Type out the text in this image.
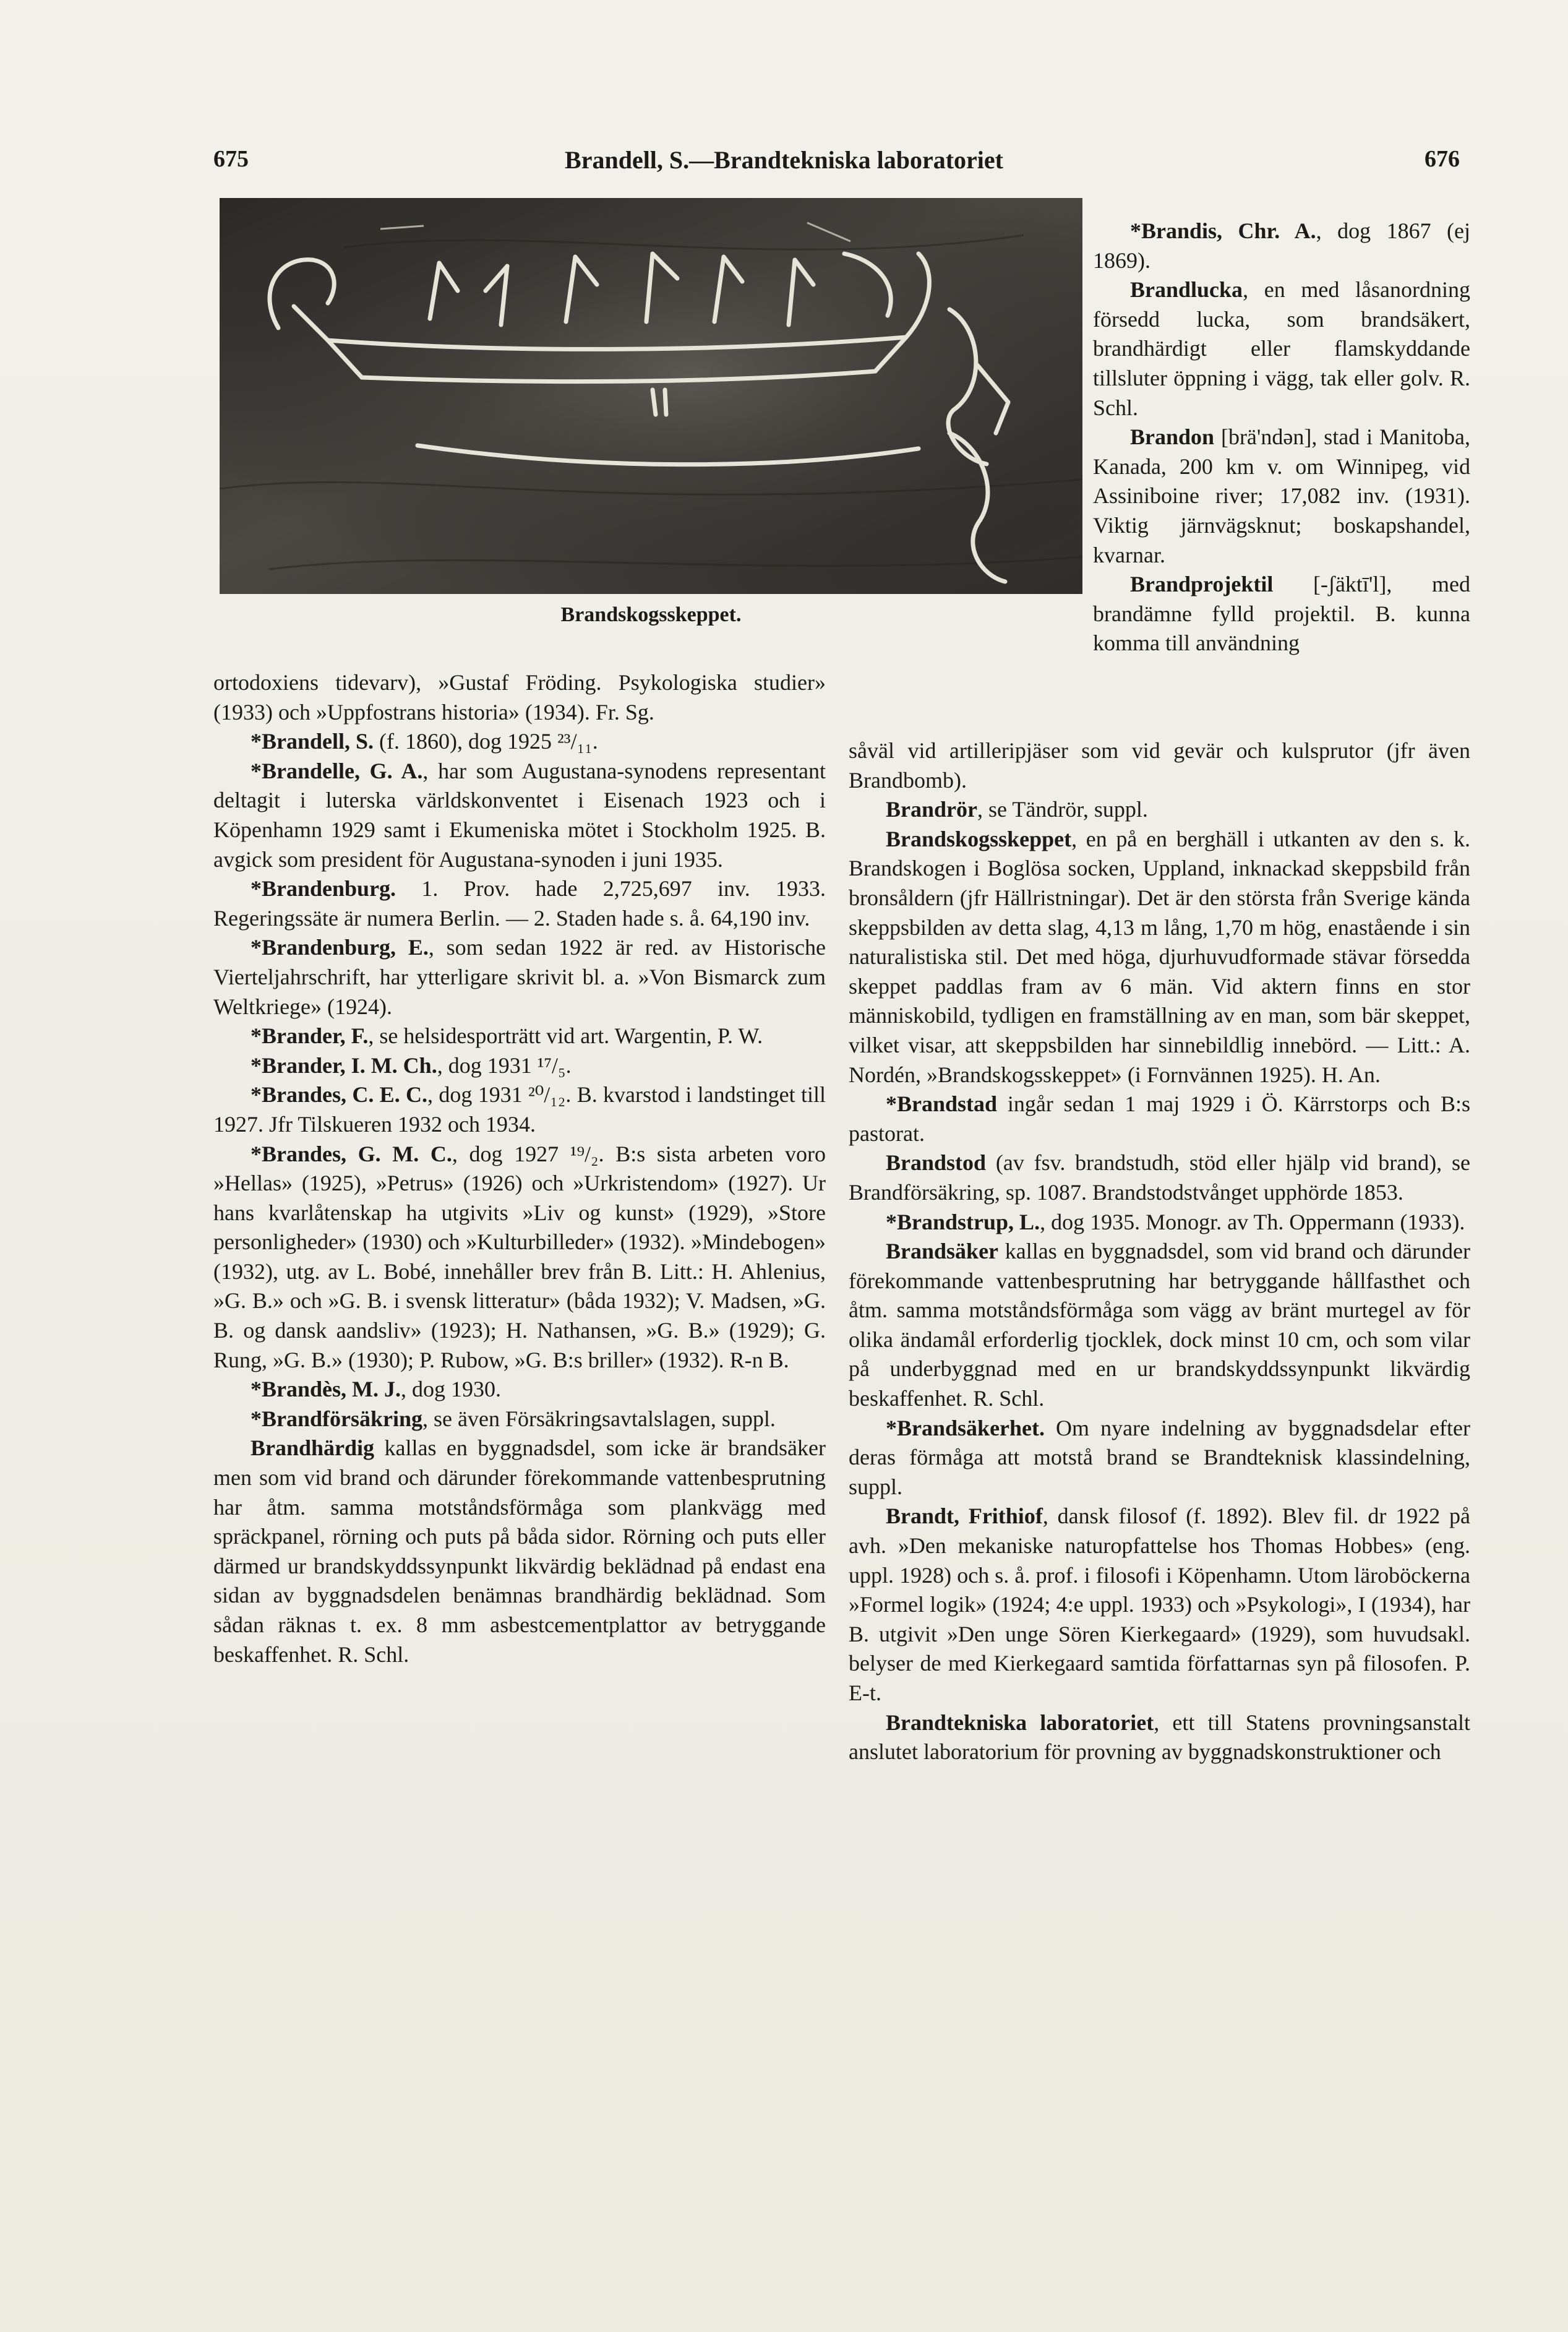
675	Brandell, S.—Brandtekniska laboratoriet	676
Brandskogsskeppet.

*Brandis, Chr. A., dog 1867 (ej 1869).

Brandlucka, en med låsanordning försedd lucka, som brandsäkert, brandhärdigt eller flamskyddande tillsluter öppning i vägg, tak eller golv. R. Schl.

Brandon [brä'ndən], stad i Manitoba, Kanada, 200 km v. om Winnipeg, vid Assiniboine river; 17,082 inv. (1931). Viktig järnvägsknut; boskapshandel, kvarnar.

Brandprojektil [-ʃäktī'l], med brandämne fylld projektil. B. kunna komma till användning

ortodoxiens tidevarv), »Gustaf Fröding. Psykologiska studier» (1933) och »Uppfostrans historia» (1934). Fr. Sg.

*Brandell, S. (f. 1860), dog 1925 ²³/₁₁.

*Brandelle, G. A., har som Augustana-synodens representant deltagit i luterska världskonventet i Eisenach 1923 och i Köpenhamn 1929 samt i Ekumeniska mötet i Stockholm 1925. B. avgick som president för Augustana-synoden i juni 1935.

*Brandenburg. 1. Prov. hade 2,725,697 inv. 1933. Regeringssäte är numera Berlin. — 2. Staden hade s. å. 64,190 inv.

*Brandenburg, E., som sedan 1922 är red. av Historische Vierteljahrschrift, har ytterligare skrivit bl. a. »Von Bismarck zum Weltkriege» (1924).

*Brander, F., se helsidesporträtt vid art. Wargentin, P. W.

*Brander, I. M. Ch., dog 1931 ¹⁷/₅.

*Brandes, C. E. C., dog 1931 ²⁰/₁₂. B. kvarstod i landstinget till 1927. Jfr Tilskueren 1932 och 1934.

*Brandes, G. M. C., dog 1927 ¹⁹/₂. B:s sista arbeten voro »Hellas» (1925), »Petrus» (1926) och »Urkristendom» (1927). Ur hans kvarlåtenskap ha utgivits »Liv og kunst» (1929), »Store personligheder» (1930) och »Kulturbilleder» (1932). »Mindebogen» (1932), utg. av L. Bobé, innehåller brev från B. Litt.: H. Ahlenius, »G. B.» och »G. B. i svensk litteratur» (båda 1932); V. Madsen, »G. B. og dansk aandsliv» (1923); H. Nathansen, »G. B.» (1929); G. Rung, »G. B.» (1930); P. Rubow, »G. B:s briller» (1932). R-n B.

*Brandès, M. J., dog 1930.

*Brandförsäkring, se även Försäkringsavtalslagen, suppl.

Brandhärdig kallas en byggnadsdel, som icke är brandsäker men som vid brand och därunder förekommande vattenbesprutning har åtm. samma motståndsförmåga som plankvägg med spräckpanel, rörning och puts på båda sidor. Rörning och puts eller därmed ur brandskyddssynpunkt likvärdig beklädnad på endast ena sidan av byggnadsdelen benämnas brandhärdig beklädnad. Som sådan räknas t. ex. 8 mm asbestcementplattor av betryggande beskaffenhet. R. Schl.

såväl vid artilleripjäser som vid gevär och kulsprutor (jfr även Brandbomb).

Brandrör, se Tändrör, suppl.

Brandskogsskeppet, en på en berghäll i utkanten av den s. k. Brandskogen i Boglösa socken, Uppland, inknackad skeppsbild från bronsåldern (jfr Hällristningar). Det är den största från Sverige kända skeppsbilden av detta slag, 4,13 m lång, 1,70 m hög, enastående i sin naturalistiska stil. Det med höga, djurhuvudformade stävar försedda skeppet paddlas fram av 6 män. Vid aktern finns en stor människobild, tydligen en framställning av en man, som bär skeppet, vilket visar, att skeppsbilden har sinnebildlig innebörd. — Litt.: A. Nordén, »Brandskogsskeppet» (i Fornvännen 1925). H. An.

*Brandstad ingår sedan 1 maj 1929 i Ö. Kärrstorps och B:s pastorat.

Brandstod (av fsv. brandstudh, stöd eller hjälp vid brand), se Brandförsäkring, sp. 1087. Brandstodstvånget upphörde 1853.

*Brandstrup, L., dog 1935. Monogr. av Th. Oppermann (1933).

Brandsäker kallas en byggnadsdel, som vid brand och därunder förekommande vattenbesprutning har betryggande hållfasthet och åtm. samma motståndsförmåga som vägg av bränt murtegel av för olika ändamål erforderlig tjocklek, dock minst 10 cm, och som vilar på underbyggnad med en ur brandskyddssynpunkt likvärdig beskaffenhet. R. Schl.

*Brandsäkerhet. Om nyare indelning av byggnadsdelar efter deras förmåga att motstå brand se Brandteknisk klassindelning, suppl.

Brandt, Frithiof, dansk filosof (f. 1892). Blev fil. dr 1922 på avh. »Den mekaniske naturopfattelse hos Thomas Hobbes» (eng. uppl. 1928) och s. å. prof. i filosofi i Köpenhamn. Utom läroböckerna »Formel logik» (1924; 4:e uppl. 1933) och »Psykologi», I (1934), har B. utgivit »Den unge Sören Kierkegaard» (1929), som huvudsakl. belyser de med Kierkegaard samtida författarnas syn på filosofen. P. E-t.

Brandtekniska laboratoriet, ett till Statens provningsanstalt anslutet laboratorium för provning av byggnadskonstruktioner och
